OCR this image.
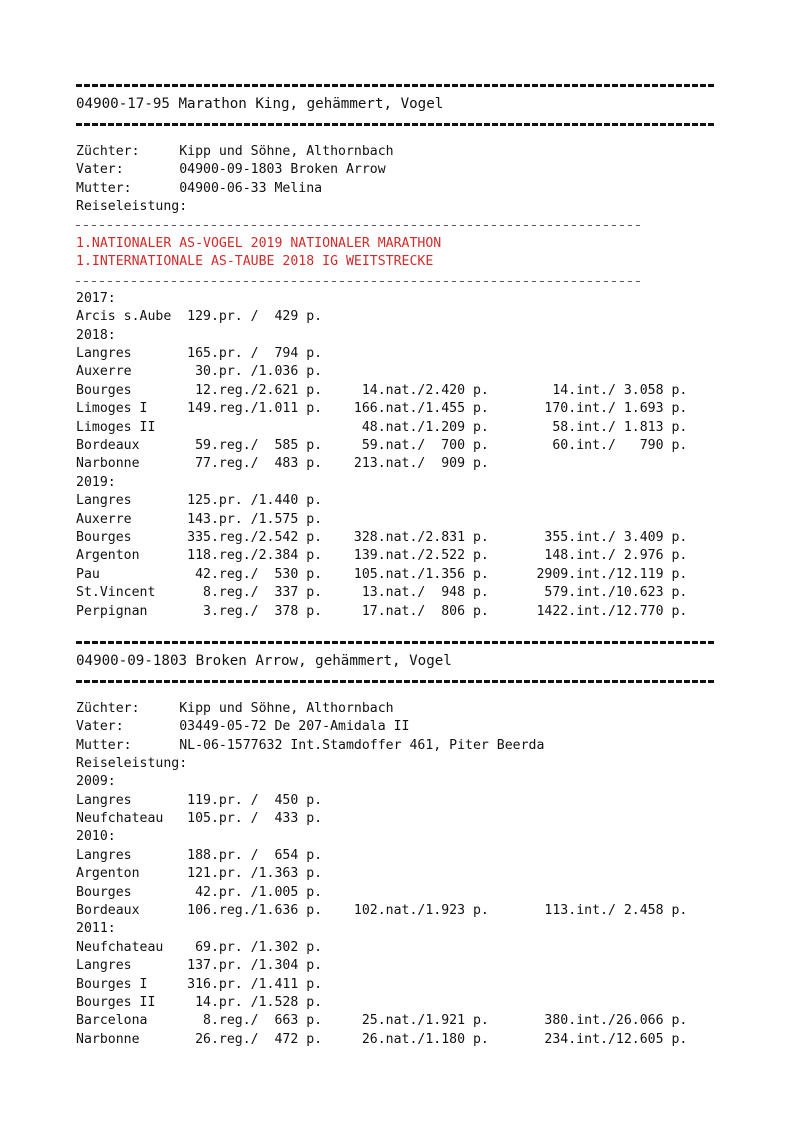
04900-17-95 Marathon King, gehämmert, Vogel
Züchter:     Kipp und Söhne, Althornbach
Vater:       04900-09-1803 Broken Arrow
Mutter:      04900-06-33 Melina
Reiseleistung:
1.NATIONALER AS-VOGEL 2019 NATIONALER MARATHON
1.INTERNATIONALE AS-TAUBE 2018 IG WEITSTRECKE
2017:
Arcis s.Aube  129.pr. /  429 p.
2018:
Langres       165.pr. /  794 p.
Auxerre        30.pr. /1.036 p.
Bourges        12.reg./2.621 p.     14.nat./2.420 p.        14.int./ 3.058 p.
Limoges I     149.reg./1.011 p.    166.nat./1.455 p.       170.int./ 1.693 p.
Limoges II                          48.nat./1.209 p.        58.int./ 1.813 p.
Bordeaux       59.reg./  585 p.     59.nat./  700 p.        60.int./   790 p.
Narbonne       77.reg./  483 p.    213.nat./  909 p.
2019:
Langres       125.pr. /1.440 p.
Auxerre       143.pr. /1.575 p.
Bourges       335.reg./2.542 p.    328.nat./2.831 p.       355.int./ 3.409 p.
Argenton      118.reg./2.384 p.    139.nat./2.522 p.       148.int./ 2.976 p.
Pau            42.reg./  530 p.    105.nat./1.356 p.      2909.int./12.119 p.
St.Vincent      8.reg./  337 p.     13.nat./  948 p.       579.int./10.623 p.
Perpignan       3.reg./  378 p.     17.nat./  806 p.      1422.int./12.770 p.
04900-09-1803 Broken Arrow, gehämmert, Vogel
Züchter:     Kipp und Söhne, Althornbach
Vater:       03449-05-72 De 207-Amidala II
Mutter:      NL-06-1577632 Int.Stamdoffer 461, Piter Beerda
Reiseleistung:
2009:
Langres       119.pr. /  450 p.
Neufchateau   105.pr. /  433 p.
2010:
Langres       188.pr. /  654 p.
Argenton      121.pr. /1.363 p.
Bourges        42.pr. /1.005 p.
Bordeaux      106.reg./1.636 p.    102.nat./1.923 p.       113.int./ 2.458 p.
2011:
Neufchateau    69.pr. /1.302 p.
Langres       137.pr. /1.304 p.
Bourges I     316.pr. /1.411 p.
Bourges II     14.pr. /1.528 p.
Barcelona       8.reg./  663 p.     25.nat./1.921 p.       380.int./26.066 p.
Narbonne       26.reg./  472 p.     26.nat./1.180 p.       234.int./12.605 p.
